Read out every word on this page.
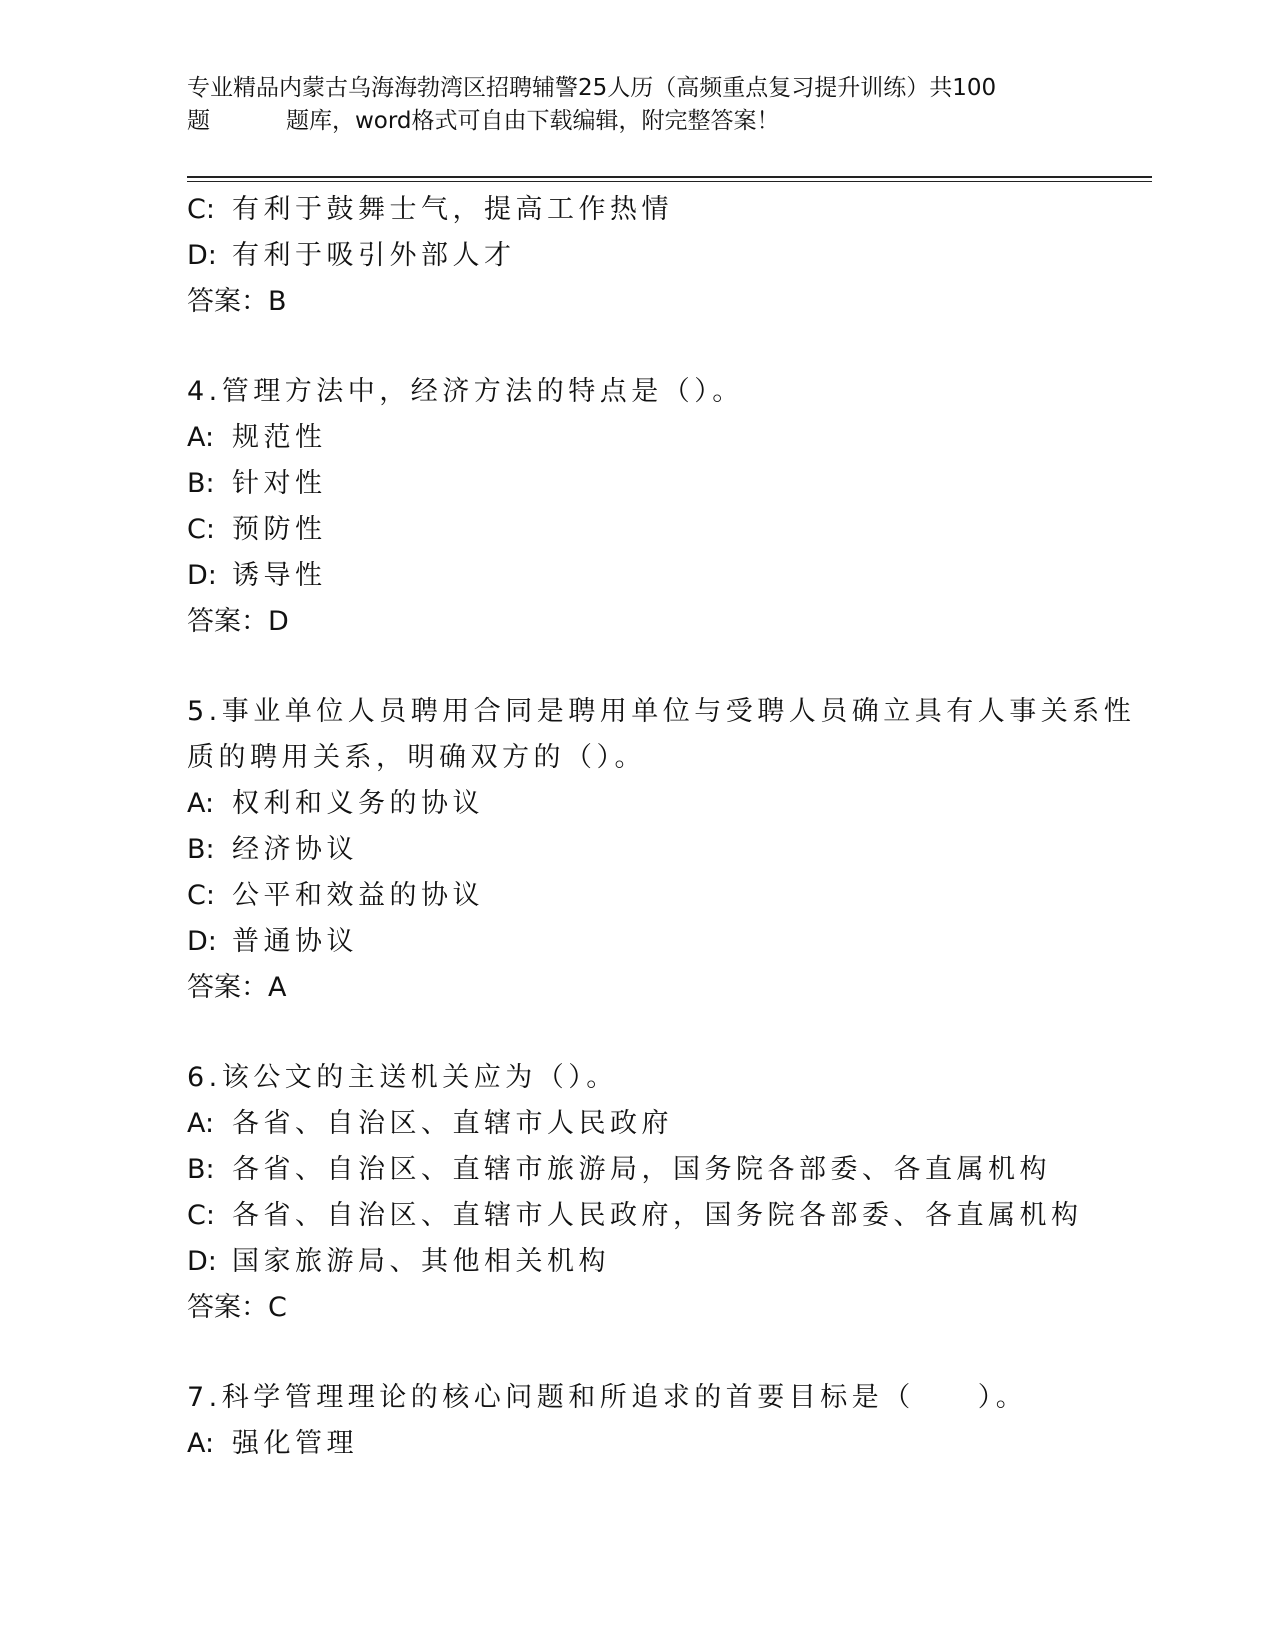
专业精品内蒙古乌海海勃湾区招聘辅警25人历（高频重点复习提升训练）共100
题	题库，word格式可自由下载编辑，附完整答案！
C: 有利于鼓舞士气，提高工作热情
D: 有利于吸引外部人才
答案：B
4.管理方法中，经济方法的特点是（）。
A: 规范性
B: 针对性
C: 预防性
D: 诱导性
答案：D
5.事业单位人员聘用合同是聘用单位与受聘人员确立具有人事关系性
质的聘用关系，明确双方的（）。
A: 权利和义务的协议
B: 经济协议
C: 公平和效益的协议
D: 普通协议
答案：A
6.该公文的主送机关应为（）。
A: 各省、自治区、直辖市人民政府
B: 各省、自治区、直辖市旅游局，国务院各部委、各直属机构
C: 各省、自治区、直辖市人民政府，国务院各部委、各直属机构
D: 国家旅游局、其他相关机构
答案：C
7.科学管理理论的核心问题和所追求的首要目标是（　　）。
A: 强化管理
